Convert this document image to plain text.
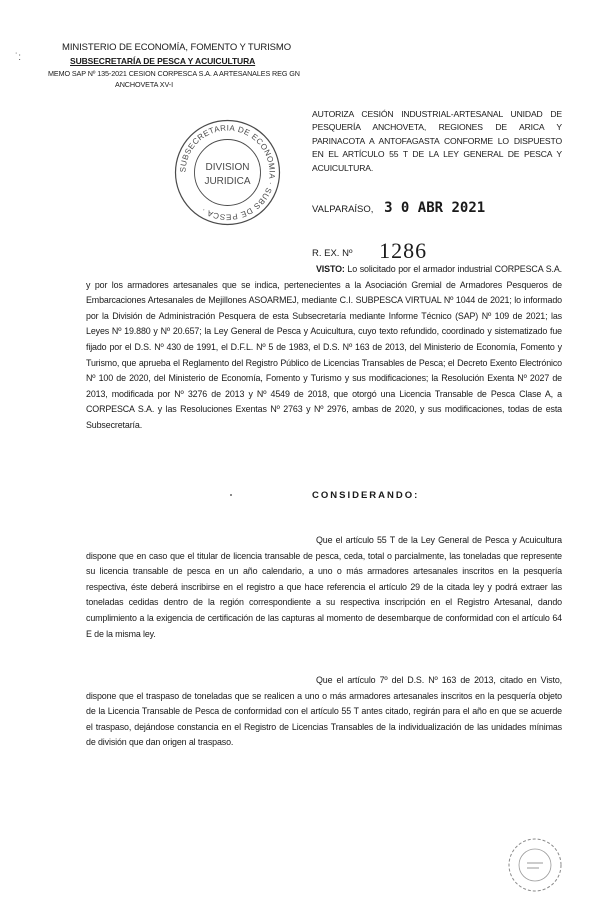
˙:
MINISTERIO DE ECONOMÍA, FOMENTO Y TURISMO
SUBSECRETARÍA DE PESCA Y ACUICULTURA
MEMO SAP Nº 135-2021 CESION CORPESCA S.A. A ARTESANALES REG GN
ANCHOVETA XV-I
SUBSECRETARIA DE ECONOMIA · SUBS DE PESCA ·
DIVISION
JURIDICA
AUTORIZA CESIÓN INDUSTRIAL-ARTESANAL UNIDAD DE PESQUERÍA ANCHOVETA, REGIONES DE ARICA Y PARINACOTA A ANTOFAGASTA CONFORME LO DISPUESTO EN EL ARTÍCULO 55 T DE LA LEY GENERAL DE PESCA Y ACUICULTURA.
VALPARAÍSO, 3 0 ABR 2021
R. EX. Nº 1286
VISTO: Lo solicitado por el armador industrial CORPESCA S.A. y por los armadores artesanales que se indica, pertenecientes a la Asociación Gremial de Armadores Pesqueros de Embarcaciones Artesanales de Mejillones ASOARMEJ, mediante C.I. SUBPESCA VIRTUAL Nº 1044 de 2021; lo informado por la División de Administración Pesquera de esta Subsecretaría mediante Informe Técnico (SAP) Nº 109 de 2021; las Leyes Nº 19.880 y Nº 20.657; la Ley General de Pesca y Acuicultura, cuyo texto refundido, coordinado y sistematizado fue fijado por el D.S. Nº 430 de 1991, el D.F.L. Nº 5 de 1983, el D.S. Nº 163 de 2013, del Ministerio de Economía, Fomento y Turismo, que aprueba el Reglamento del Registro Público de Licencias Transables de Pesca; el Decreto Exento Electrónico Nº 100 de 2020, del Ministerio de Economía, Fomento y Turismo y sus modificaciones; la Resolución Exenta Nº 2027 de 2013, modificada por Nº 3276 de 2013 y Nº 4549 de 2018, que otorgó una Licencia Transable de Pesca Clase A, a CORPESCA S.A. y las Resoluciones Exentas Nº 2763 y Nº 2976, ambas de 2020, y sus modificaciones, todas de esta Subsecretaría.
CONSIDERANDO:
Que el artículo 55 T de la Ley General de Pesca y Acuicultura dispone que en caso que el titular de licencia transable de pesca, ceda, total o parcialmente, las toneladas que represente su licencia transable de pesca en un año calendario, a uno o más armadores artesanales inscritos en la pesquería respectiva, éste deberá inscribirse en el registro a que hace referencia el artículo 29 de la citada ley y podrá extraer las toneladas cedidas dentro de la región correspondiente a su respectiva inscripción en el Registro Artesanal, dando cumplimiento a la exigencia de certificación de las capturas al momento de desembarque de conformidad con el artículo 64 E de la misma ley.
Que el artículo 7º del D.S. Nº 163 de 2013, citado en Visto, dispone que el traspaso de toneladas que se realicen a uno o más armadores artesanales inscritos en la pesquería objeto de la Licencia Transable de Pesca de conformidad con el artículo 55 T antes citado, regirán para el año en que se acuerde el traspaso, dejándose constancia en el Registro de Licencias Transables de la individualización de las unidades mínimas de división que dan origen al traspaso.
